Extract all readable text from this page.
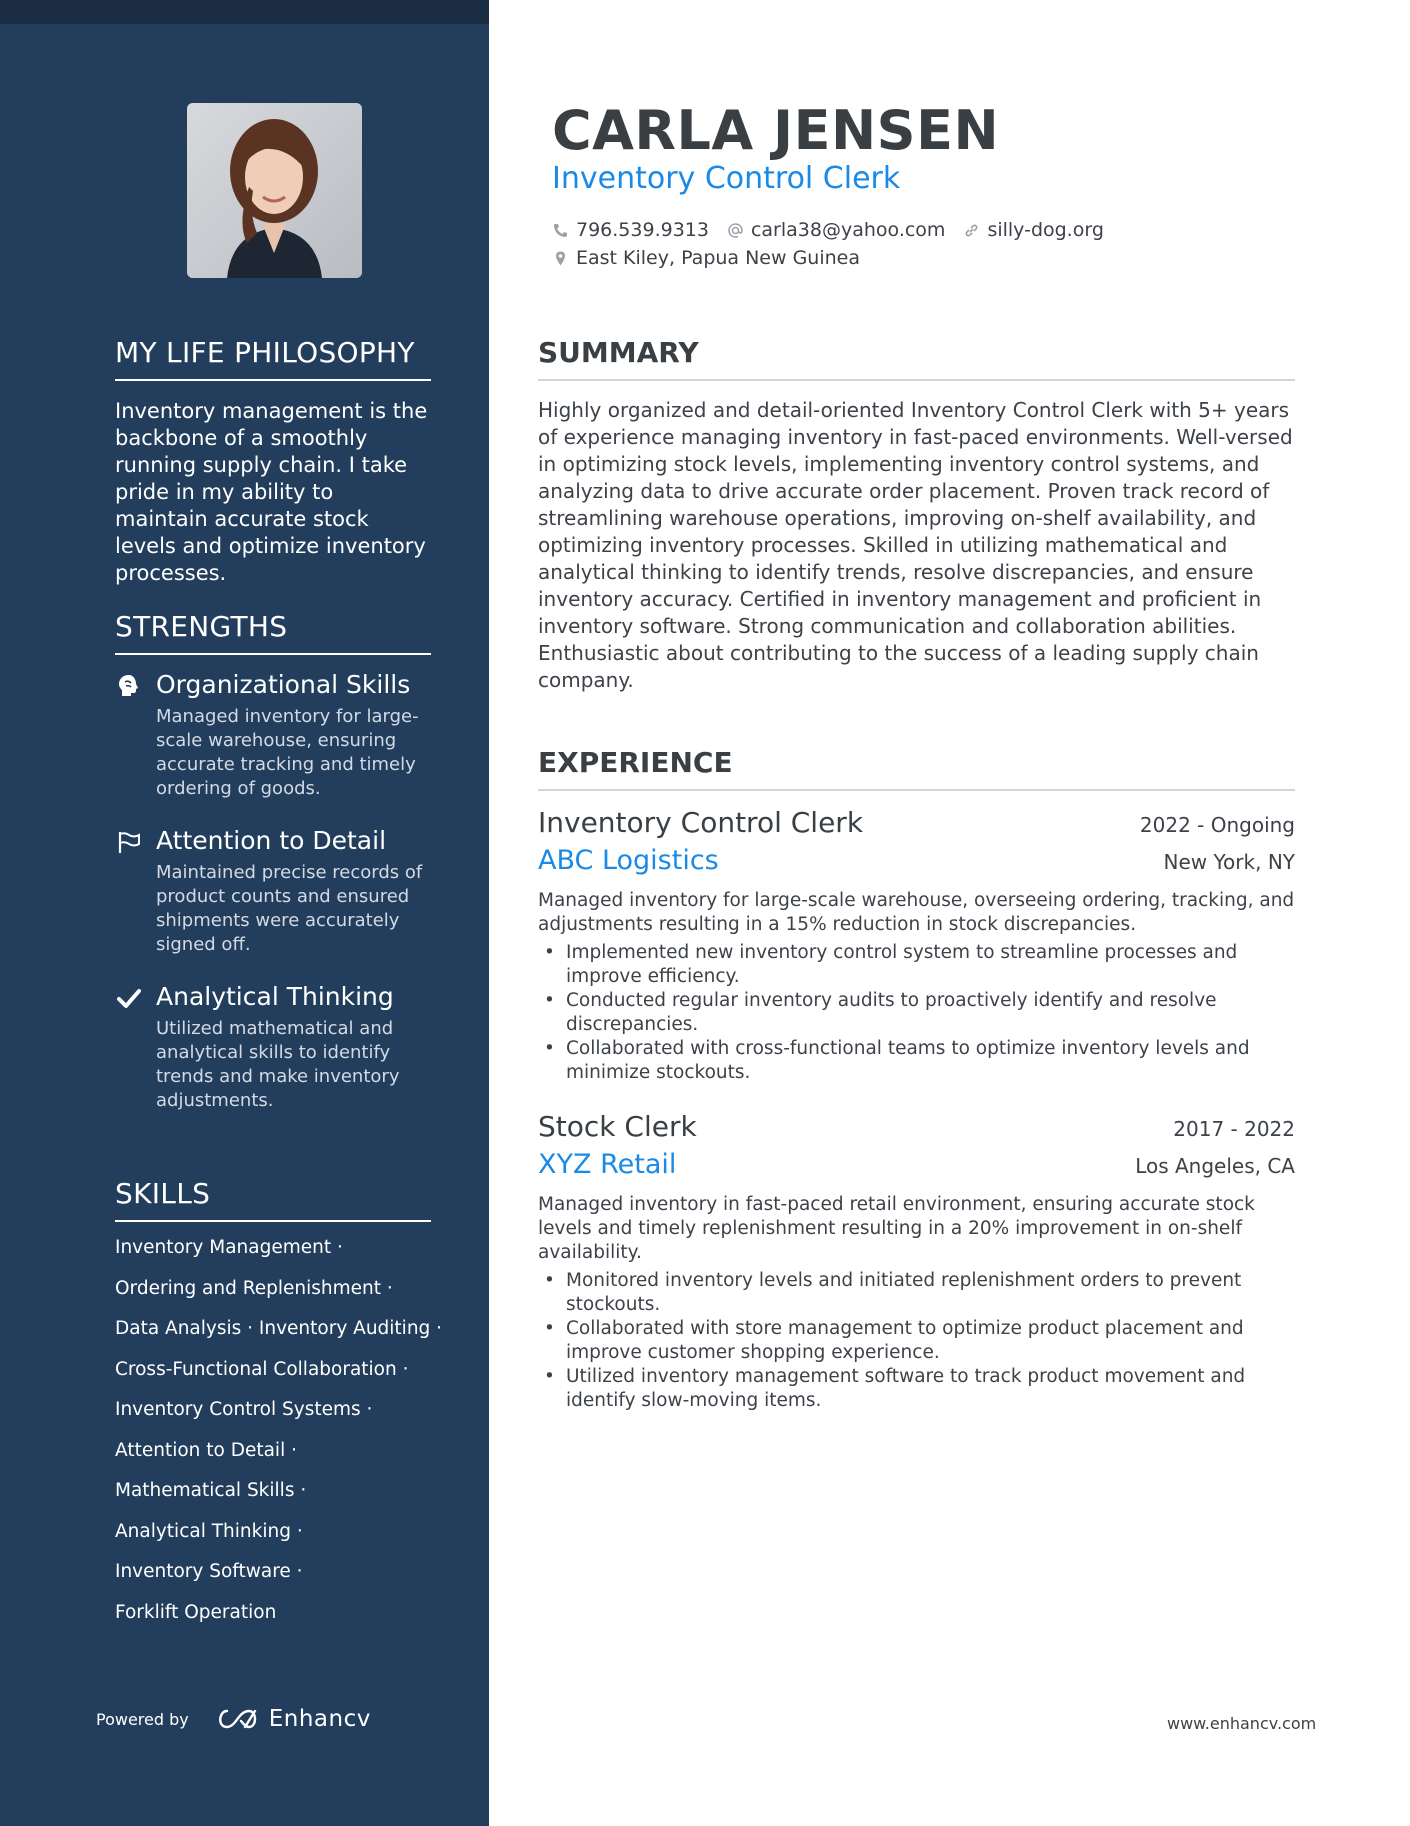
MY LIFE PHILOSOPHY

Inventory management is the backbone of a smoothly running supply chain. I take pride in my ability to maintain accurate stock levels and optimize inventory processes.

STRENGTHS
Organizational Skills
Managed inventory for large-scale warehouse, ensuring accurate tracking and timely ordering of goods.
Attention to Detail
Maintained precise records of product counts and ensured shipments were accurately signed off.
Analytical Thinking
Utilized mathematical and analytical skills to identify trends and make inventory adjustments.
SKILLS
Inventory Management ·
Ordering and Replenishment ·
Data Analysis · Inventory Auditing ·
Cross-Functional Collaboration ·
Inventory Control Systems ·
Attention to Detail ·
Mathematical Skills ·
Analytical Thinking ·
Inventory Software ·
Forklift Operation
Powered by	Enhancv
CARLA JENSEN
Inventory Control Clerk
796.539.9313 carla38@yahoo.com silly-dog.org
East Kiley, Papua New Guinea
SUMMARY

Highly organized and detail-oriented Inventory Control Clerk with 5+ years of experience managing inventory in fast-paced environments. Well-versed in optimizing stock levels, implementing inventory control systems, and analyzing data to drive accurate order placement. Proven track record of streamlining warehouse operations, improving on-shelf availability, and optimizing inventory processes. Skilled in utilizing mathematical and analytical thinking to identify trends, resolve discrepancies, and ensure inventory accuracy. Certified in inventory management and proficient in inventory software. Strong communication and collaboration abilities. Enthusiastic about contributing to the success of a leading supply chain company.

EXPERIENCE
Inventory Control Clerk	2022 - Ongoing
ABC Logistics	New York, NY

Managed inventory for large-scale warehouse, overseeing ordering, tracking, and adjustments resulting in a 15% reduction in stock discrepancies.

• Implemented new inventory control system to streamline processes and improve efficiency.
• Conducted regular inventory audits to proactively identify and resolve discrepancies.
• Collaborated with cross-functional teams to optimize inventory levels and minimize stockouts.
Stock Clerk	2017 - 2022
XYZ Retail	Los Angeles, CA

Managed inventory in fast-paced retail environment, ensuring accurate stock levels and timely replenishment resulting in a 20% improvement in on-shelf availability.

• Monitored inventory levels and initiated replenishment orders to prevent stockouts.
• Collaborated with store management to optimize product placement and improve customer shopping experience.
• Utilized inventory management software to track product movement and identify slow-moving items.
www.enhancv.com
